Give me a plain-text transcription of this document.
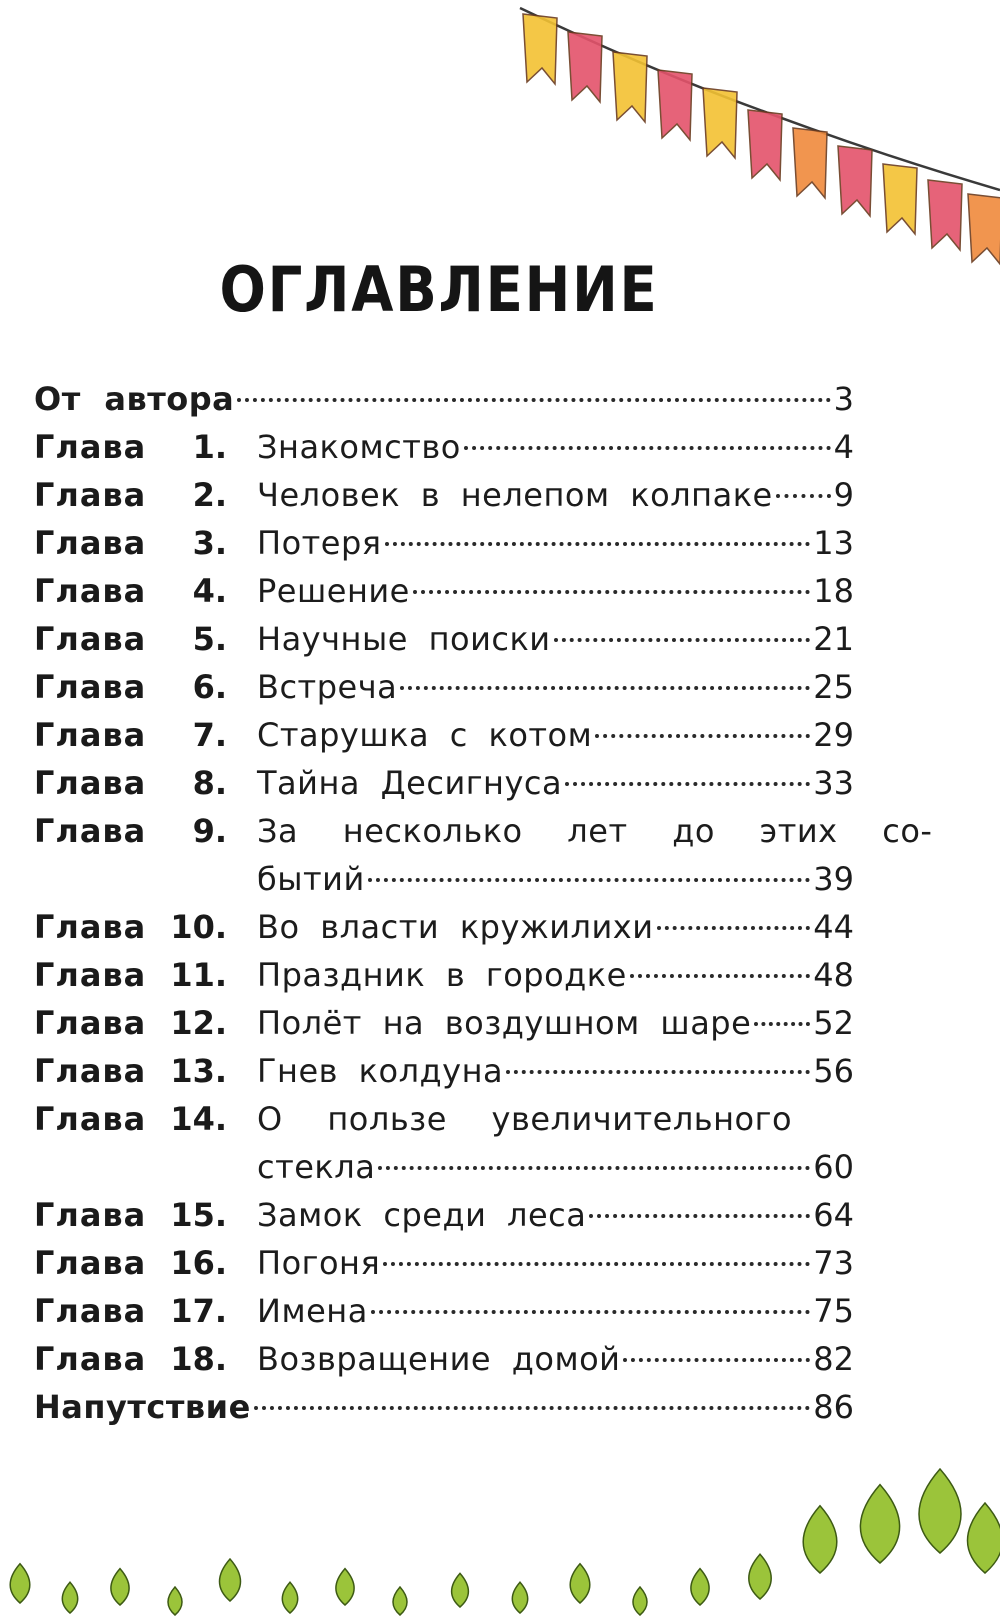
ОГЛАВЛЕНИЕ
От автора	3
Глава	1. Знакомство	4
Глава	2. Человек в нелепом колпаке 9
Глава	3. Потеря	13
Глава	4. Решение	18
Глава	5. Научные поиски	21
Глава	6. Встреча	25
Глава	7. Старушка с котом	29
Глава	8. Тайна Десигнуса	33
Глава	9. За несколько лет до этих со-
бытий	39
Глава 10. Во власти кружилихи	44
Глава 11. Праздник в городке	48
Глава 12. Полёт на воздушном шаре 52
Глава 13. Гнев колдуна	56
Глава 14. О пользе увеличительного
стекла	60
Глава 15. Замок среди леса	64
Глава 16. Погоня	73
Глава 17. Имена	75
Глава 18. Возвращение домой	82
Напутствие	86
